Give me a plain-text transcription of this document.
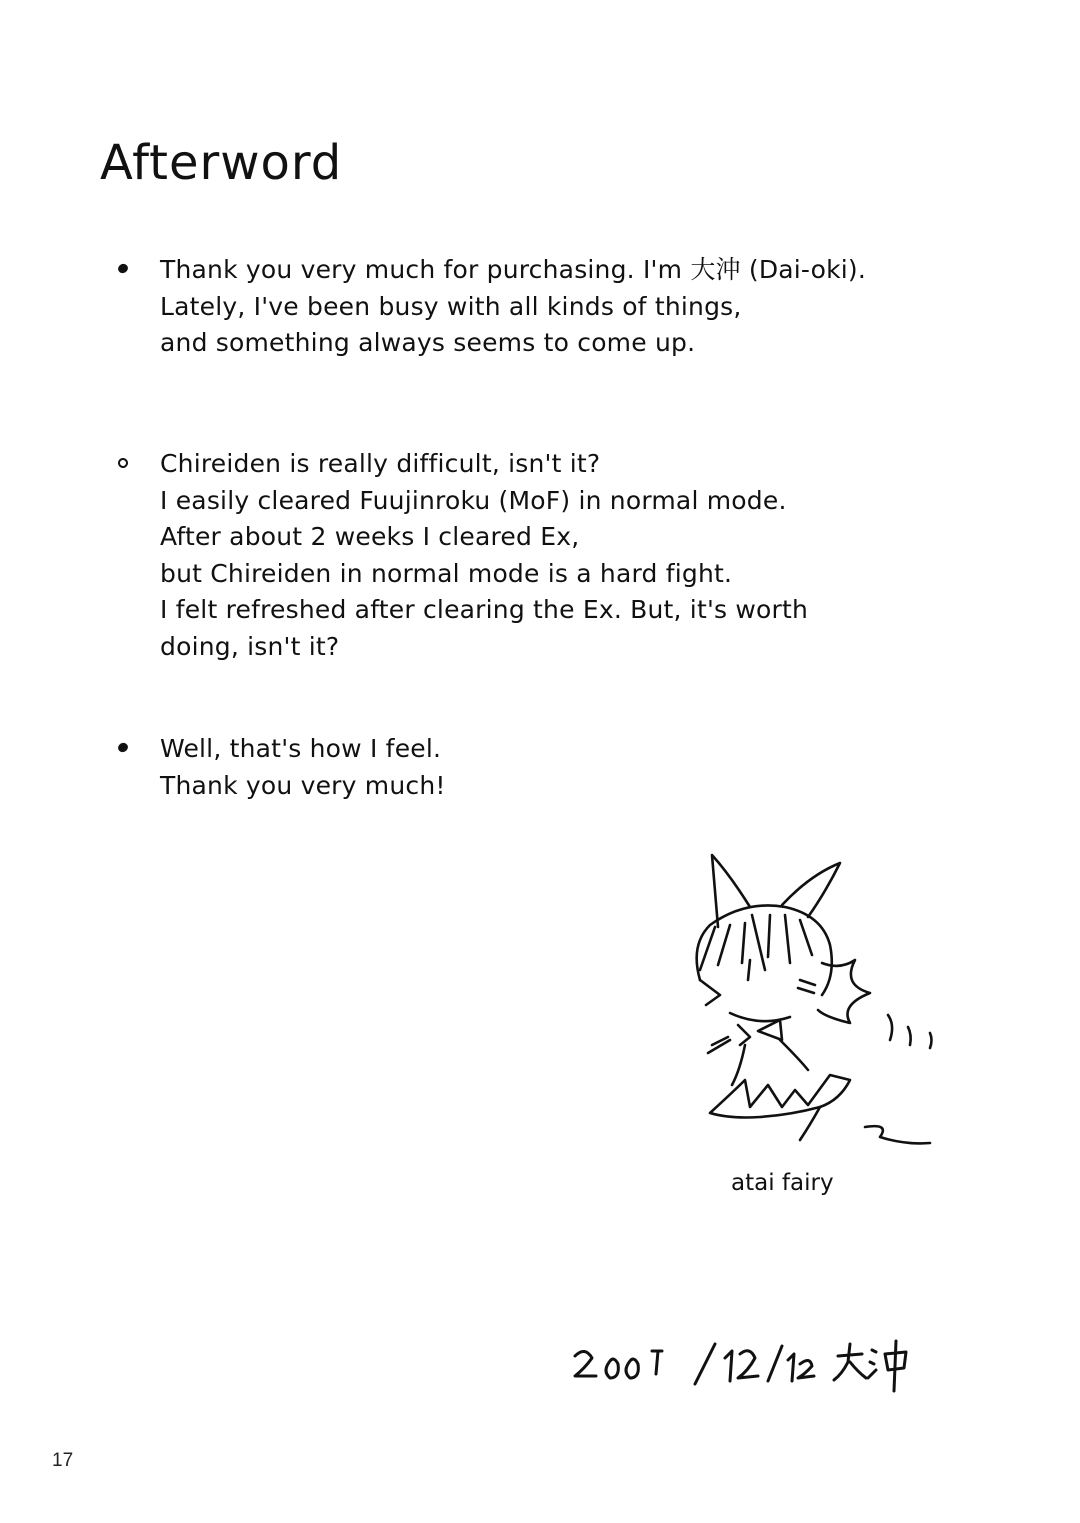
Afterword
Thank you very much for purchasing. I'm 大沖 (Dai-oki).
Lately, I've been busy with all kinds of things,
and something always seems to come up.
Chireiden is really difficult, isn't it?
I easily cleared Fuujinroku (MoF) in normal mode.
After about 2 weeks I cleared Ex,
but Chireiden in normal mode is a hard fight.
I felt refreshed after clearing the Ex. But, it's worth
doing, isn't it?
Well, that's how I feel.
Thank you very much!
atai fairy
17
